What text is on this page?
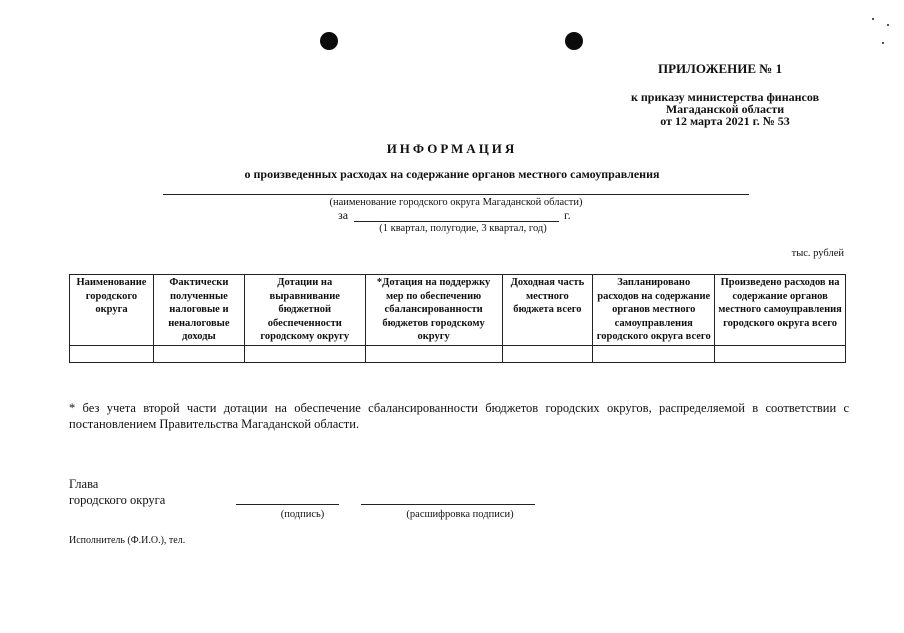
ПРИЛОЖЕНИЕ № 1
к приказу министерства финансов
Магаданской области
от 12 марта 2021 г. № 53
ИНФОРМАЦИЯ
о произведенных расходах на содержание органов местного самоуправления
(наименование городского округа Магаданской области)
за	г.
(1 квартал, полугодие, 3 квартал, год)
тыс. рублей
Наименование городского округа	Фактически полученные налоговые и неналоговые доходы	Дотации на выравнивание бюджетной обеспеченности городскому округу	*Дотация на поддержку мер по обеспечению сбалансированности бюджетов городскому округу	Доходная часть местного бюджета всего	Запланировано расходов на содержание органов местного самоуправления городского округа всего	Произведено расходов на содержание органов местного самоуправления городского округа всего

* без учета второй части дотации на обеспечение сбалансированности бюджетов городских округов, распределяемой в соответствии с постановлением Правительства Магаданской области.
Глава
городского округа
(подпись)	(расшифровка подписи)
Исполнитель (Ф.И.О.), тел.
